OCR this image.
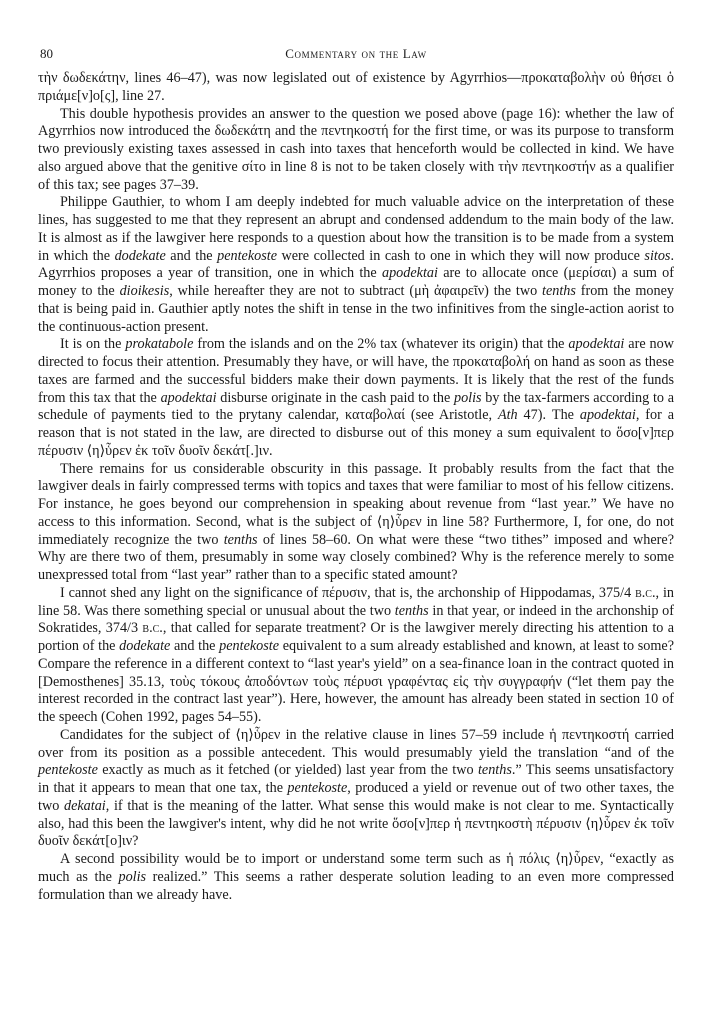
80	Commentary on the Law

τὴν δωδεκάτην, lines 46–47), was now legislated out of existence by Agyrrhios—προκαταβολὴν οὐ θήσει ὁ πριάμε[ν]ο[ς], line 27.

This double hypothesis provides an answer to the question we posed above (page 16): whether the law of Agyrrhios now introduced the δωδεκάτη and the πεντηκοστή for the first time, or was its purpose to transform two previously existing taxes assessed in cash into taxes that henceforth would be collected in kind. We have also argued above that the genitive σίτο in line 8 is not to be taken closely with τὴν πεντηκοστήν as a qualifier of this tax; see pages 37–39.

Philippe Gauthier, to whom I am deeply indebted for much valuable advice on the interpretation of these lines, has suggested to me that they represent an abrupt and condensed addendum to the main body of the law. It is almost as if the lawgiver here responds to a question about how the transition is to be made from a system in which the dodekate and the pentekoste were collected in cash to one in which they will now produce sitos. Agyrrhios proposes a year of transition, one in which the apodektai are to allocate once (μερίσαι) a sum of money to the dioikesis, while hereafter they are not to subtract (μὴ ἀφαιρεῖν) the two tenths from the money that is being paid in. Gauthier aptly notes the shift in tense in the two infinitives from the single-action aorist to the continuous-action present.

It is on the prokatabole from the islands and on the 2% tax (whatever its origin) that the apodektai are now directed to focus their attention. Presumably they have, or will have, the προκαταβολή on hand as soon as these taxes are farmed and the successful bidders make their down payments. It is likely that the rest of the funds from this tax that the apodektai disburse originate in the cash paid to the polis by the tax-farmers according to a schedule of payments tied to the prytany calendar, καταβολαί (see Aristotle, Ath 47). The apodektai, for a reason that is not stated in the law, are directed to disburse out of this money a sum equivalent to ὅσο[ν]περ πέρυσιν ⟨η⟩ὗρεν ἐκ τοῖν δυοῖν δεκάτ[.]ιν.

There remains for us considerable obscurity in this passage. It probably results from the fact that the lawgiver deals in fairly compressed terms with topics and taxes that were familiar to most of his fellow citizens. For instance, he goes beyond our comprehension in speaking about revenue from “last year.” We have no access to this information. Second, what is the subject of ⟨η⟩ὗρεν in line 58? Furthermore, I, for one, do not immediately recognize the two tenths of lines 58–60. On what were these “two tithes” imposed and where? Why are there two of them, presumably in some way closely combined? Why is the reference merely to some unexpressed total from “last year” rather than to a specific stated amount?

I cannot shed any light on the significance of πέρυσιν, that is, the archonship of Hippodamas, 375/4 b.c., in line 58. Was there something special or unusual about the two tenths in that year, or indeed in the archonship of Sokratides, 374/3 b.c., that called for separate treatment? Or is the lawgiver merely directing his attention to a portion of the dodekate and the pentekoste equivalent to a sum already established and known, at least to some? Compare the reference in a different context to “last year's yield” on a sea-finance loan in the contract quoted in [Demosthenes] 35.13, τοὺς τόκους ἀποδόντων τοὺς πέρυσι γραφέντας εἰς τὴν συγγραφήν (“let them pay the interest recorded in the contract last year”). Here, however, the amount has already been stated in section 10 of the speech (Cohen 1992, pages 54–55).

Candidates for the subject of ⟨η⟩ὗρεν in the relative clause in lines 57–59 include ἡ πεντηκοστή carried over from its position as a possible antecedent. This would presumably yield the translation “and of the pentekoste exactly as much as it fetched (or yielded) last year from the two tenths.” This seems unsatisfactory in that it appears to mean that one tax, the pentekoste, produced a yield or revenue out of two other taxes, the two dekatai, if that is the meaning of the latter. What sense this would make is not clear to me. Syntactically also, had this been the lawgiver's intent, why did he not write ὅσο[ν]περ ἡ πεντηκοστὴ πέρυσιν ⟨η⟩ὗρεν ἐκ τοῖν δυοῖν δεκάτ[ο]ιν?

A second possibility would be to import or understand some term such as ἡ πόλις ⟨η⟩ὗρεν, “exactly as much as the polis realized.” This seems a rather desperate solution leading to an even more compressed formulation than we already have.
